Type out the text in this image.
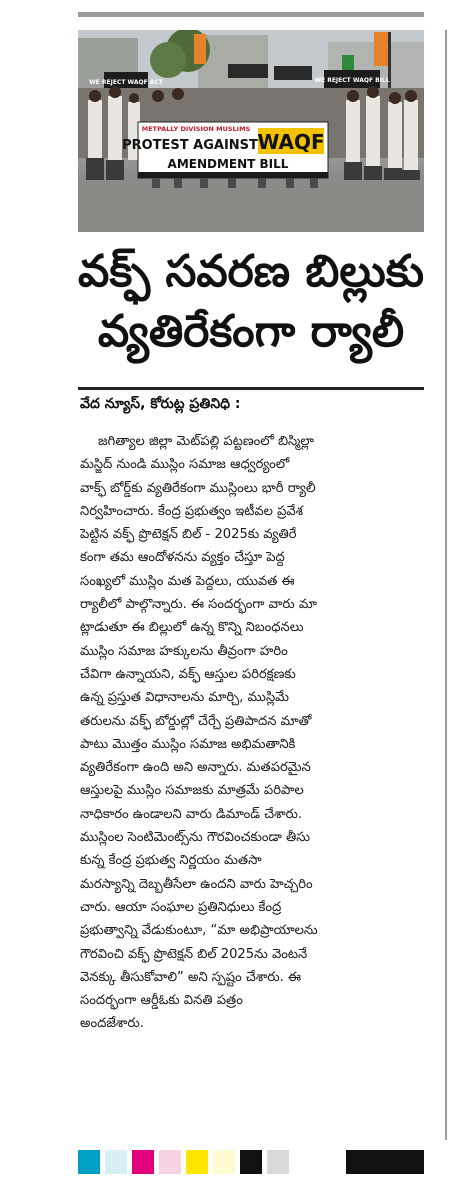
WE REJECT WAQF ACT	WE REJECT WAQF BILL
METPALLY DIVISION MUSLIMS
PROTEST AGAINST WAQF
AMENDMENT BILL
వక్ఫ్ సవరణ బిల్లుకు
వ్యతిరేకంగా ర్యాలీ
వేద న్యూస్, కోరుట్ల ప్రతినిధి :
జగిత్యాల జిల్లా మెట్‌పల్లి పట్టణంలో బిస్మిల్లా
మస్జిద్ నుండి ముస్లిం సమాజ ఆధ్వర్యంలో
వాక్ఫ్ బోర్డ్‌కు వ్యతిరేకంగా ముస్లింలు భారీ ర్యాలీ
నిర్వహించారు. కేంద్ర ప్రభుత్వం ఇటీవల ప్రవేశ
పెట్టిన వక్ఫ్ ప్రొటెక్షన్ బిల్ - 2025కు వ్యతిరే
కంగా తమ ఆందోళనను వ్యక్తం చేస్తూ పెద్ద
సంఖ్యలో ముస్లిం మత పెద్దలు, యువత ఈ
ర్యాలీలో పాల్గొన్నారు. ఈ సందర్భంగా వారు మా
ట్లాడుతూ ఈ బిల్లులో ఉన్న కొన్ని నిబంధనలు
ముస్లిం సమాజ హక్కులను తీవ్రంగా హరిం
చేవిగా ఉన్నాయని, వక్ఫ్ ఆస్తుల పరిరక్షణకు
ఉన్న ప్రస్తుత విధానాలను మార్చి, ముస్లిమే
తరులను వక్ఫ్ బోర్డుల్లో చేర్చే ప్రతిపాదన మాతో
పాటు మొత్తం ముస్లిం సమాజ అభిమతానికి
వ్యతిరేకంగా ఉంది అని అన్నారు. మతపరమైన
ఆస్తులపై ముస్లిం సమాజకు మాత్రమే పరిపాల
నాధికారం ఉండాలని వారు డిమాండ్ చేశారు.
ముస్లింల సెంటిమెంట్స్‌ను గౌరవించకుండా తీసు
కున్న కేంద్ర ప్రభుత్వ నిర్ణయం మతసా
మరస్యాన్ని దెబ్బతీసేలా ఉందని వారు హెచ్చరిం
చారు. ఆయా సంఘాల ప్రతినిధులు కేంద్ర
ప్రభుత్వాన్ని వేడుకుంటూ, “మా అభిప్రాయాలను
గౌరవించి వక్ఫ్ ప్రొటెక్షన్ బిల్ 2025ను వెంటనే
వెనక్కు తీసుకోవాలి” అని స్పష్టం చేశారు. ఈ
సందర్భంగా ఆర్డీఓకు వినతి పత్రం
అందజేశారు.
